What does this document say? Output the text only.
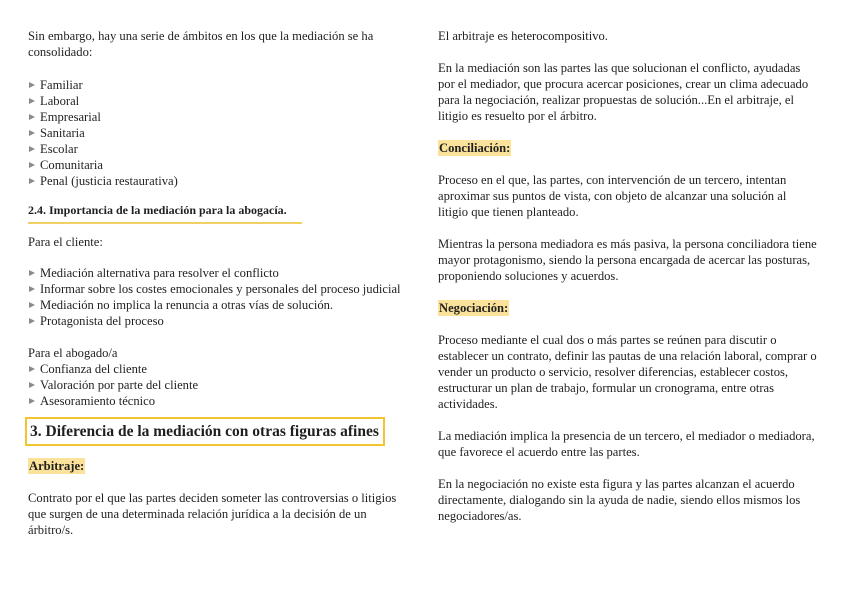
Sin embargo, hay una serie de ámbitos en los que la mediación se ha consolidado:

Familiar
Laboral
Empresarial
Sanitaria
Escolar
Comunitaria
Penal (justicia restaurativa)
2.4. Importancia de la mediación para la abogacía.

Para el cliente:

Mediación alternativa para resolver el conflicto
Informar sobre los costes emocionales y personales del proceso judicial
Mediación no implica la renuncia a otras vías de solución.
Protagonista del proceso

Para el abogado/a

Confianza del cliente
Valoración por parte del cliente
Asesoramiento técnico
3. Diferencia de la mediación con otras figuras afines
Arbitraje:

Contrato por el que las partes deciden someter las controversias o litigios que surgen de una determinada relación jurídica a la decisión de un árbitro/s.

El arbitraje es heterocompositivo.

En la mediación son las partes las que solucionan el conflicto, ayudadas por el mediador, que procura acercar posiciones, crear un clima adecuado para la negociación, realizar propuestas de solución...En el arbitraje, el litigio es resuelto por el árbitro.

Conciliación:

Proceso en el que, las partes, con intervención de un tercero, intentan aproximar sus puntos de vista, con objeto de alcanzar una solución al litigio que tienen planteado.

Mientras la persona mediadora es más pasiva, la persona conciliadora tiene mayor protagonismo, siendo la persona encargada de acercar las posturas, proponiendo soluciones y acuerdos.

Negociación:

Proceso mediante el cual dos o más partes se reúnen para discutir o establecer un contrato, definir las pautas de una relación laboral, comprar o vender un producto o servicio, resolver diferencias, establecer costos, estructurar un plan de trabajo, formular un cronograma, entre otras actividades.

La mediación implica la presencia de un tercero, el mediador o mediadora, que favorece el acuerdo entre las partes.

En la negociación no existe esta figura y las partes alcanzan el acuerdo directamente, dialogando sin la ayuda de nadie, siendo ellos mismos los negociadores/as.
